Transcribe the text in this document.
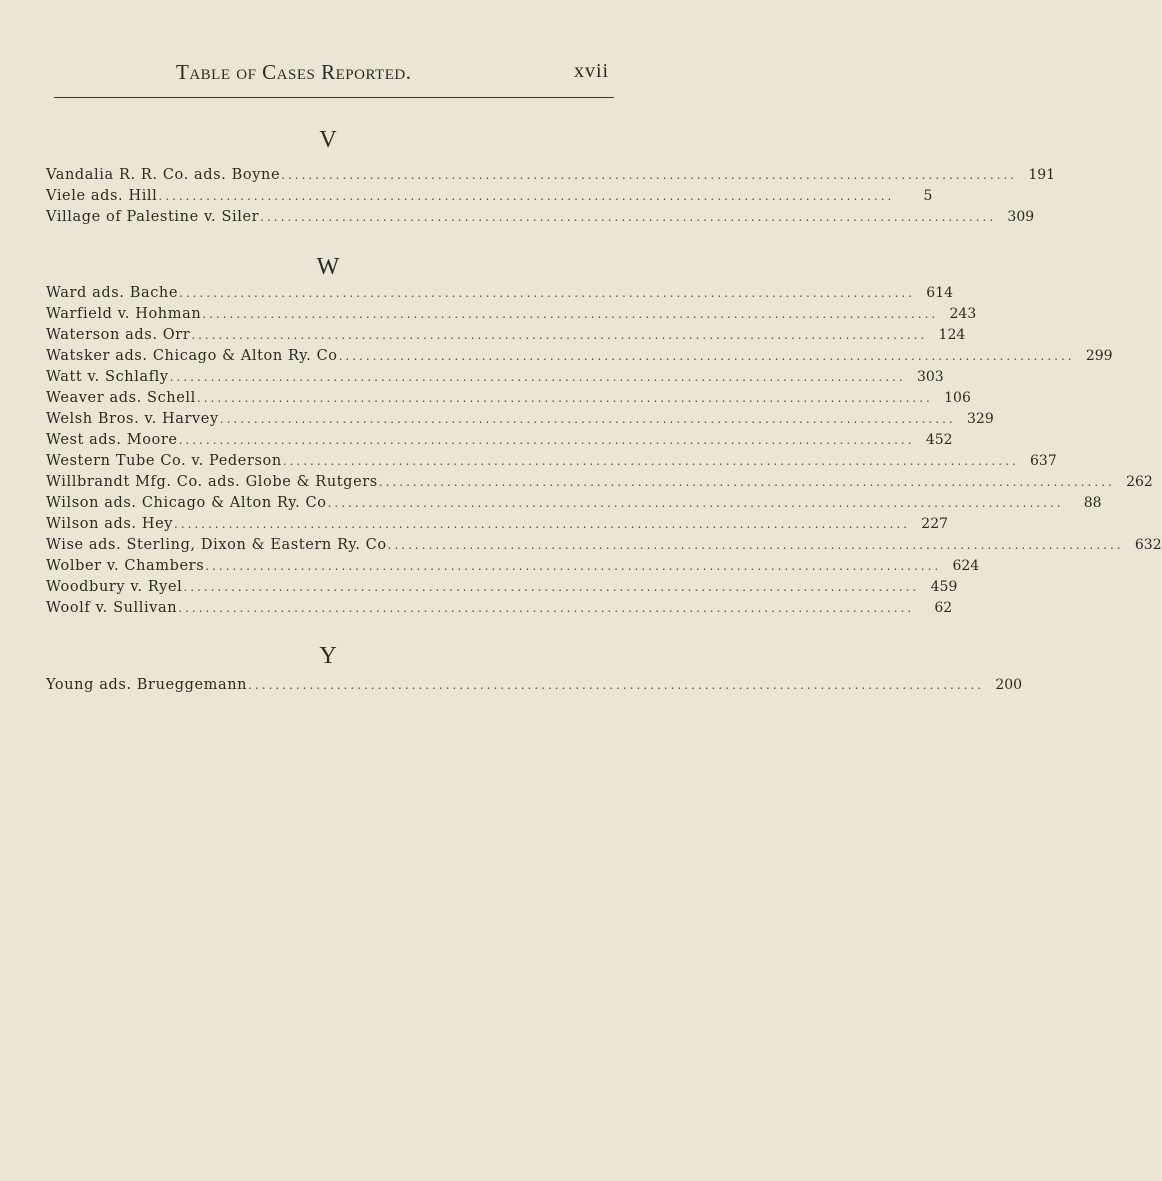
Table of Cases Reported.	xvii
V
Vandalia R. R. Co. ads. Boyne ............................................................................................................ 191
Viele ads. Hill ............................................................................................................	5
Village of Palestine v. Siler ............................................................................................................ 309
W
Ward ads. Bache ............................................................................................................ 614
Warfield v. Hohman ............................................................................................................ 243
Waterson ads. Orr ............................................................................................................ 124
Watsker ads. Chicago & Alton Ry. Co ............................................................................................................ 299
Watt v. Schlafly ............................................................................................................ 303
Weaver ads. Schell ............................................................................................................ 106
Welsh Bros. v. Harvey ............................................................................................................ 329
West ads. Moore ............................................................................................................ 452
Western Tube Co. v. Pederson ............................................................................................................ 637
Willbrandt Mfg. Co. ads. Globe & Rutgers ............................................................................................................ 262
Wilson ads. Chicago & Alton Ry. Co ............................................................................................................	88
Wilson ads. Hey ............................................................................................................ 227
Wise ads. Sterling, Dixon & Eastern Ry. Co ............................................................................................................ 632
Wolber v. Chambers ............................................................................................................ 624
Woodbury v. Ryel ............................................................................................................ 459
Woolf v. Sullivan ............................................................................................................	62
Y
Young ads. Brueggemann ............................................................................................................ 200
